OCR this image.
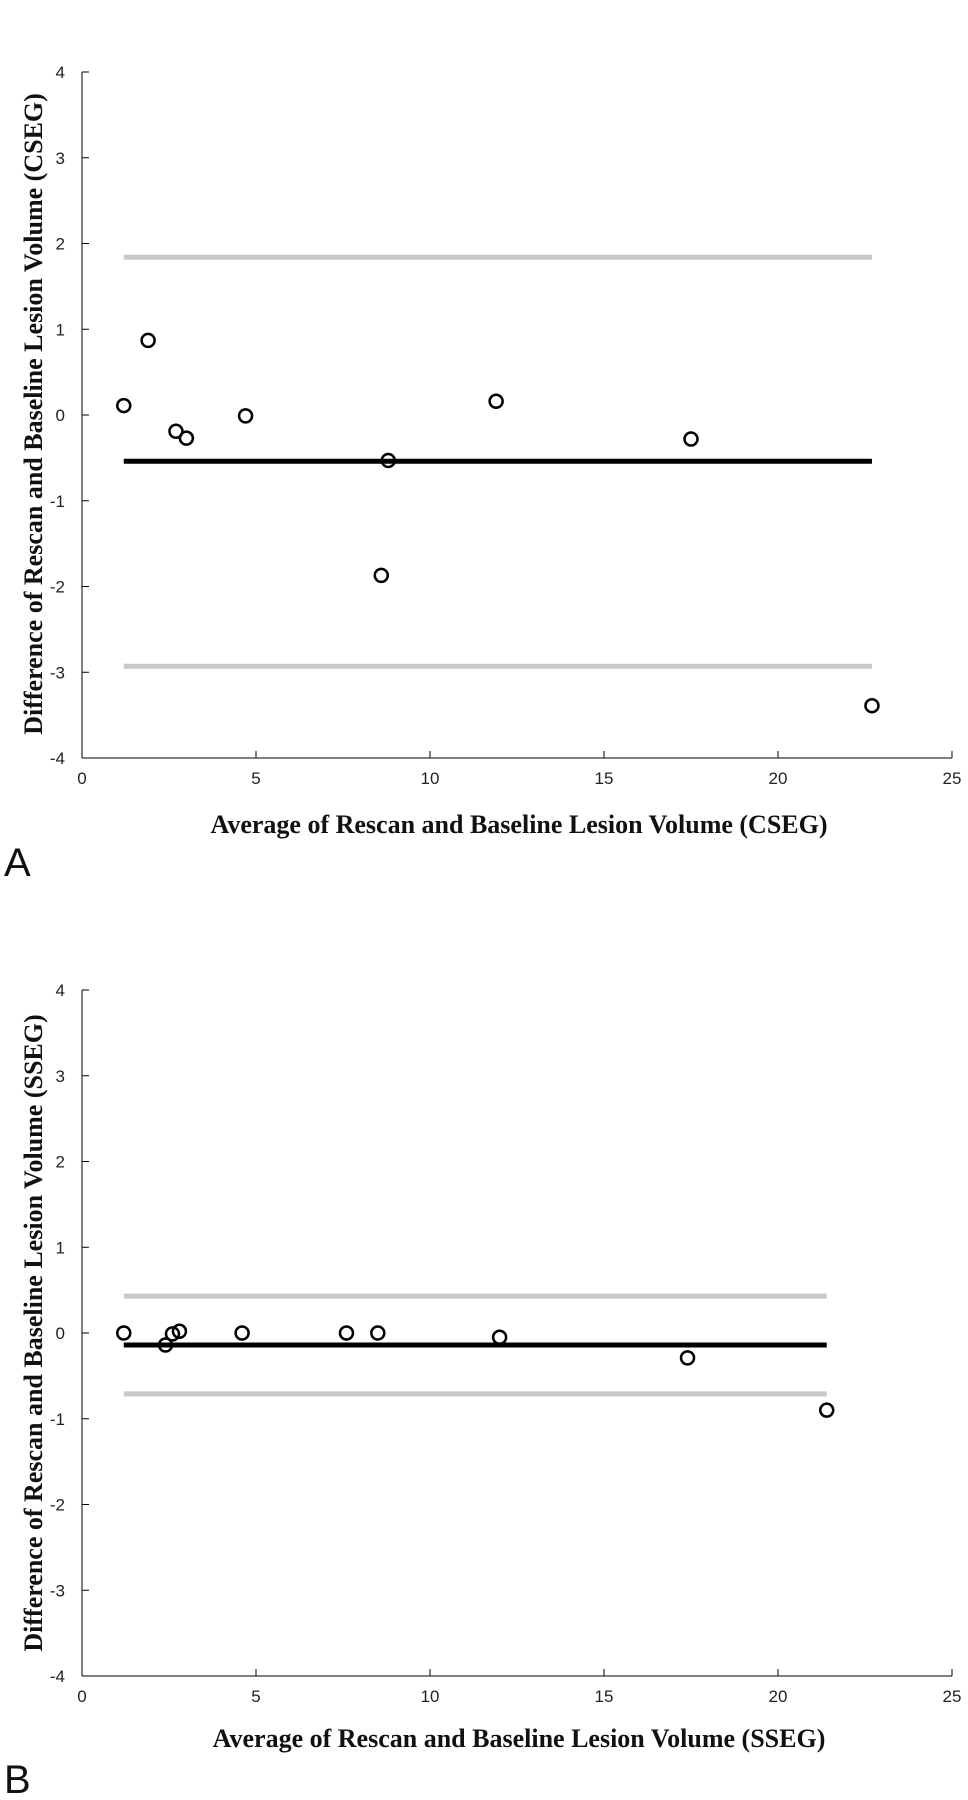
-4
-3
-2
-1
0
1
2
3
4
0	5	10	15	20	25
Average of Rescan and Baseline Lesion Volume (CSEG)
Difference of Rescan and Baseline Lesion Volume (CSEG)
A
-4
-3
-2
-1
0
1
2
3
4
0	5	10	15	20	25
Average of Rescan and Baseline Lesion Volume (SSEG)
Difference of Rescan and Baseline Lesion Volume (SSEG)
B
